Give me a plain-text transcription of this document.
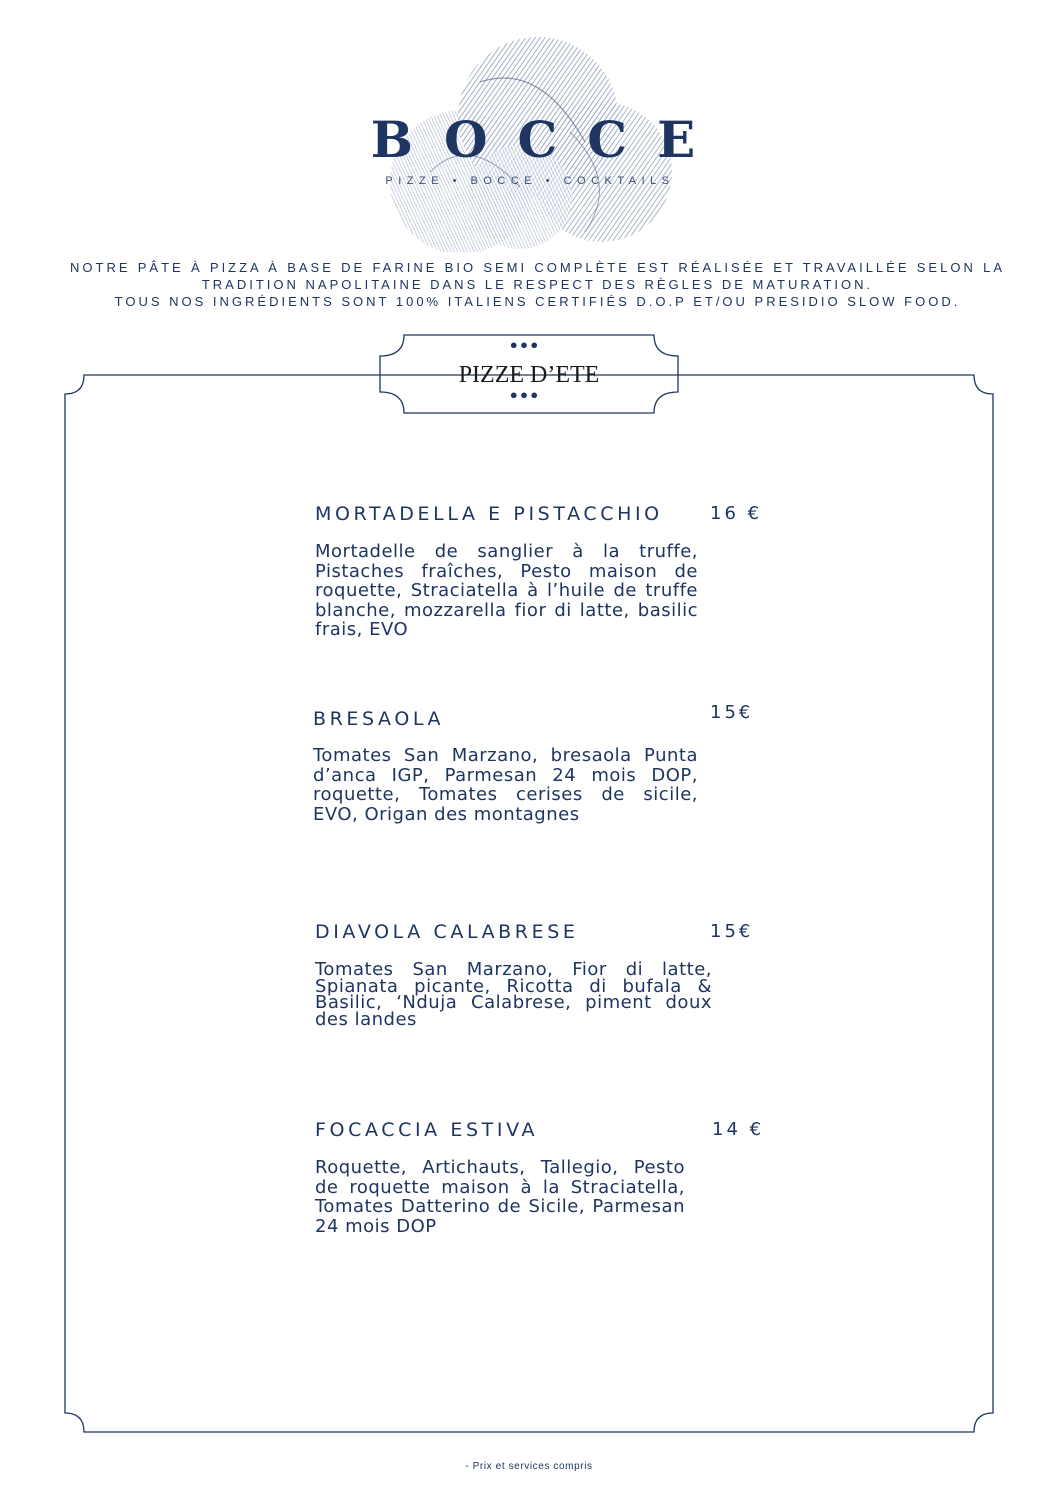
BOCCE
PIZZE • BOCCE • COCKTAILS
NOTRE PÂTE À PIZZA À BASE DE FARINE BIO SEMI COMPLÈTE EST RÉALISÉE ET TRAVAILLÉE SELON LA
TRADITION NAPOLITAINE DANS LE RESPECT DES RÈGLES DE MATURATION.
TOUS NOS INGRÉDIENTS SONT 100% ITALIENS CERTIFIÉS D.O.P ET/OU PRESIDIO SLOW FOOD.
•••
PIZZE D’ETE
•••
MORTADELLA E PISTACCHIO	16 €
Mortadelle de sanglier à la truffe, Pistaches fraîches, Pesto maison de roquette, Straciatella à l’huile de truffe blanche, mozzarella fior di latte, basilic frais, EVO
BRESAOLA	15€
Tomates San Marzano, bresaola Punta d’anca IGP, Parmesan 24 mois DOP, roquette, Tomates cerises de sicile, EVO, Origan des montagnes
DIAVOLA CALABRESE	15€
Tomates San Marzano, Fior di latte, Spianata picante, Ricotta di bufala & Basilic, ‘Nduja Calabrese, piment doux des landes
FOCACCIA ESTIVA	14 €
Roquette, Artichauts, Tallegio, Pesto de roquette maison à la Straciatella, Tomates Datterino de Sicile, Parmesan 24 mois DOP
- Prix et services compris
